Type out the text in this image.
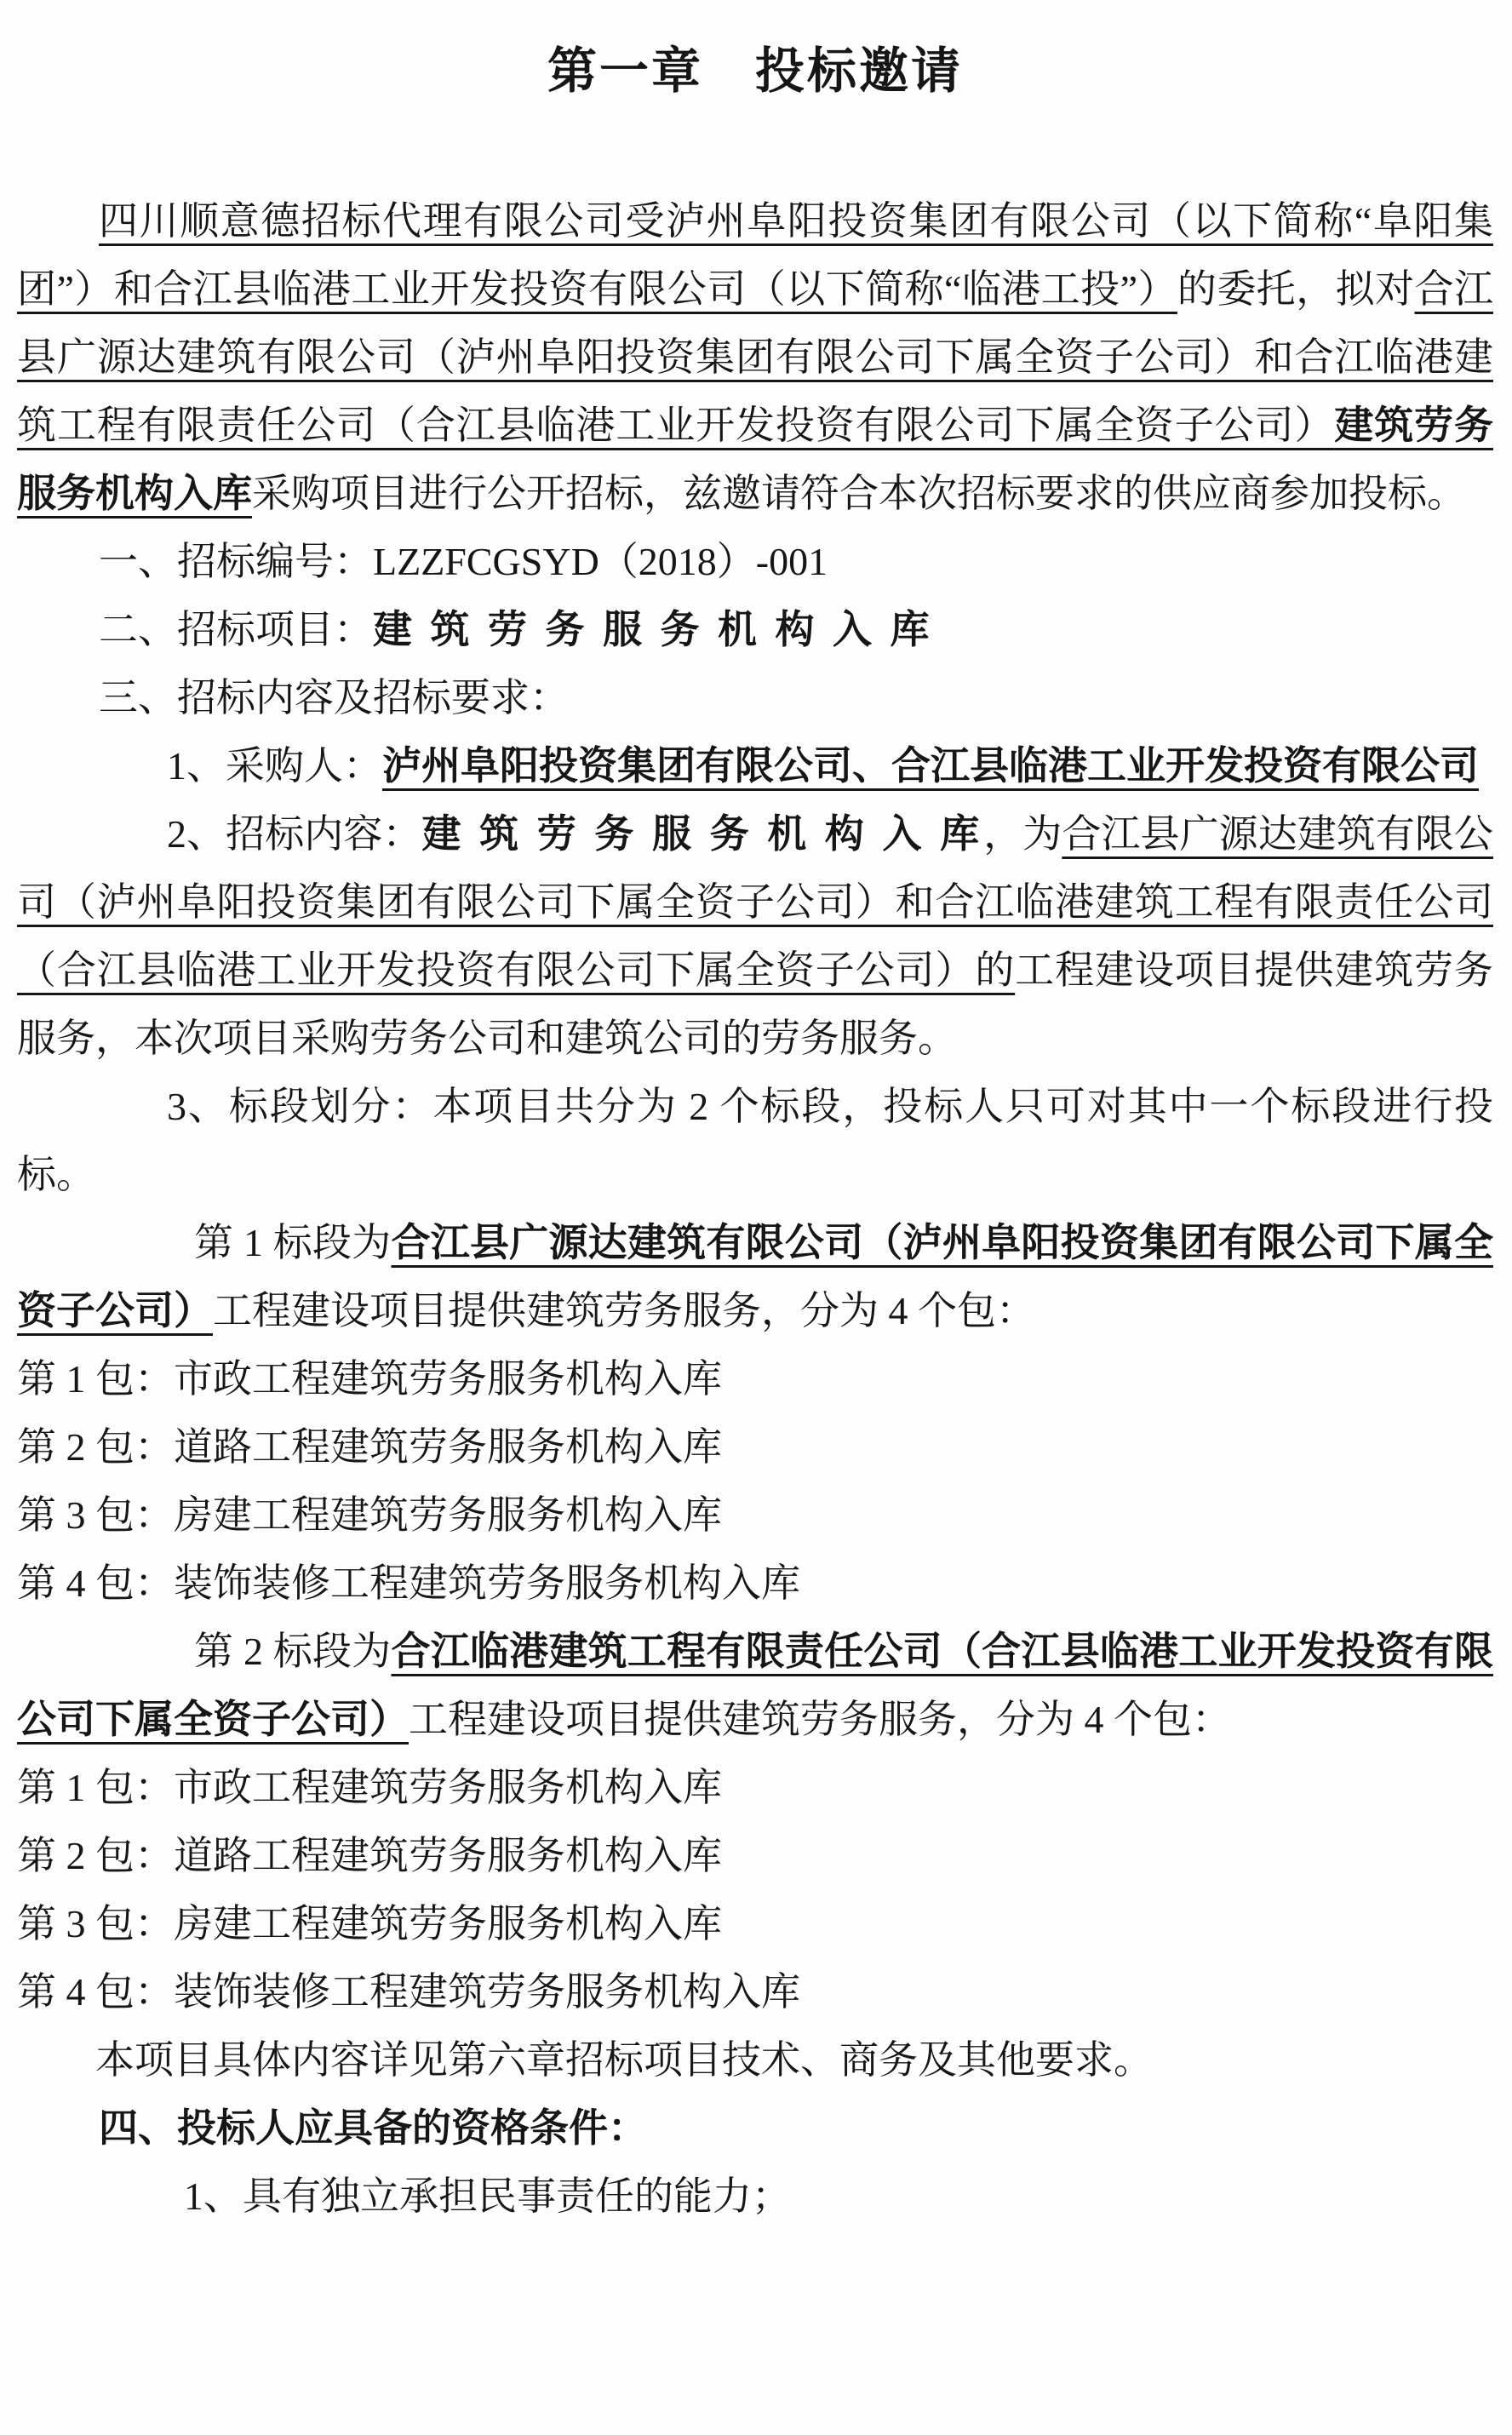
第一章　投标邀请

四川顺意德招标代理有限公司受泸州阜阳投资集团有限公司（以下简称“阜阳集团”）和合江县临港工业开发投资有限公司（以下简称“临港工投”）的委托，拟对合江县广源达建筑有限公司（泸州阜阳投资集团有限公司下属全资子公司）和合江临港建筑工程有限责任公司（合江县临港工业开发投资有限公司下属全资子公司）建筑劳务服务机构入库采购项目进行公开招标，兹邀请符合本次招标要求的供应商参加投标。

一、招标编号：LZZFCGSYD（2018）-001

二、招标项目：建 筑 劳 务 服 务 机 构 入 库

三、招标内容及招标要求：

1、采购人：泸州阜阳投资集团有限公司、合江县临港工业开发投资有限公司

2、招标内容：建 筑 劳 务 服 务 机 构 入 库，为合江县广源达建筑有限公司（泸州阜阳投资集团有限公司下属全资子公司）和合江临港建筑工程有限责任公司（合江县临港工业开发投资有限公司下属全资子公司）的工程建设项目提供建筑劳务服务，本次项目采购劳务公司和建筑公司的劳务服务。

3、标段划分：本项目共分为 2 个标段，投标人只可对其中一个标段进行投标。

第 1 标段为合江县广源达建筑有限公司（泸州阜阳投资集团有限公司下属全资子公司）工程建设项目提供建筑劳务服务，分为 4 个包：

第 1 包：市政工程建筑劳务服务机构入库

第 2 包：道路工程建筑劳务服务机构入库

第 3 包：房建工程建筑劳务服务机构入库

第 4 包：装饰装修工程建筑劳务服务机构入库

第 2 标段为合江临港建筑工程有限责任公司（合江县临港工业开发投资有限公司下属全资子公司）工程建设项目提供建筑劳务服务，分为 4 个包：

第 1 包：市政工程建筑劳务服务机构入库

第 2 包：道路工程建筑劳务服务机构入库

第 3 包：房建工程建筑劳务服务机构入库

第 4 包：装饰装修工程建筑劳务服务机构入库

本项目具体内容详见第六章招标项目技术、商务及其他要求。

四、投标人应具备的资格条件：

1、具有独立承担民事责任的能力；
